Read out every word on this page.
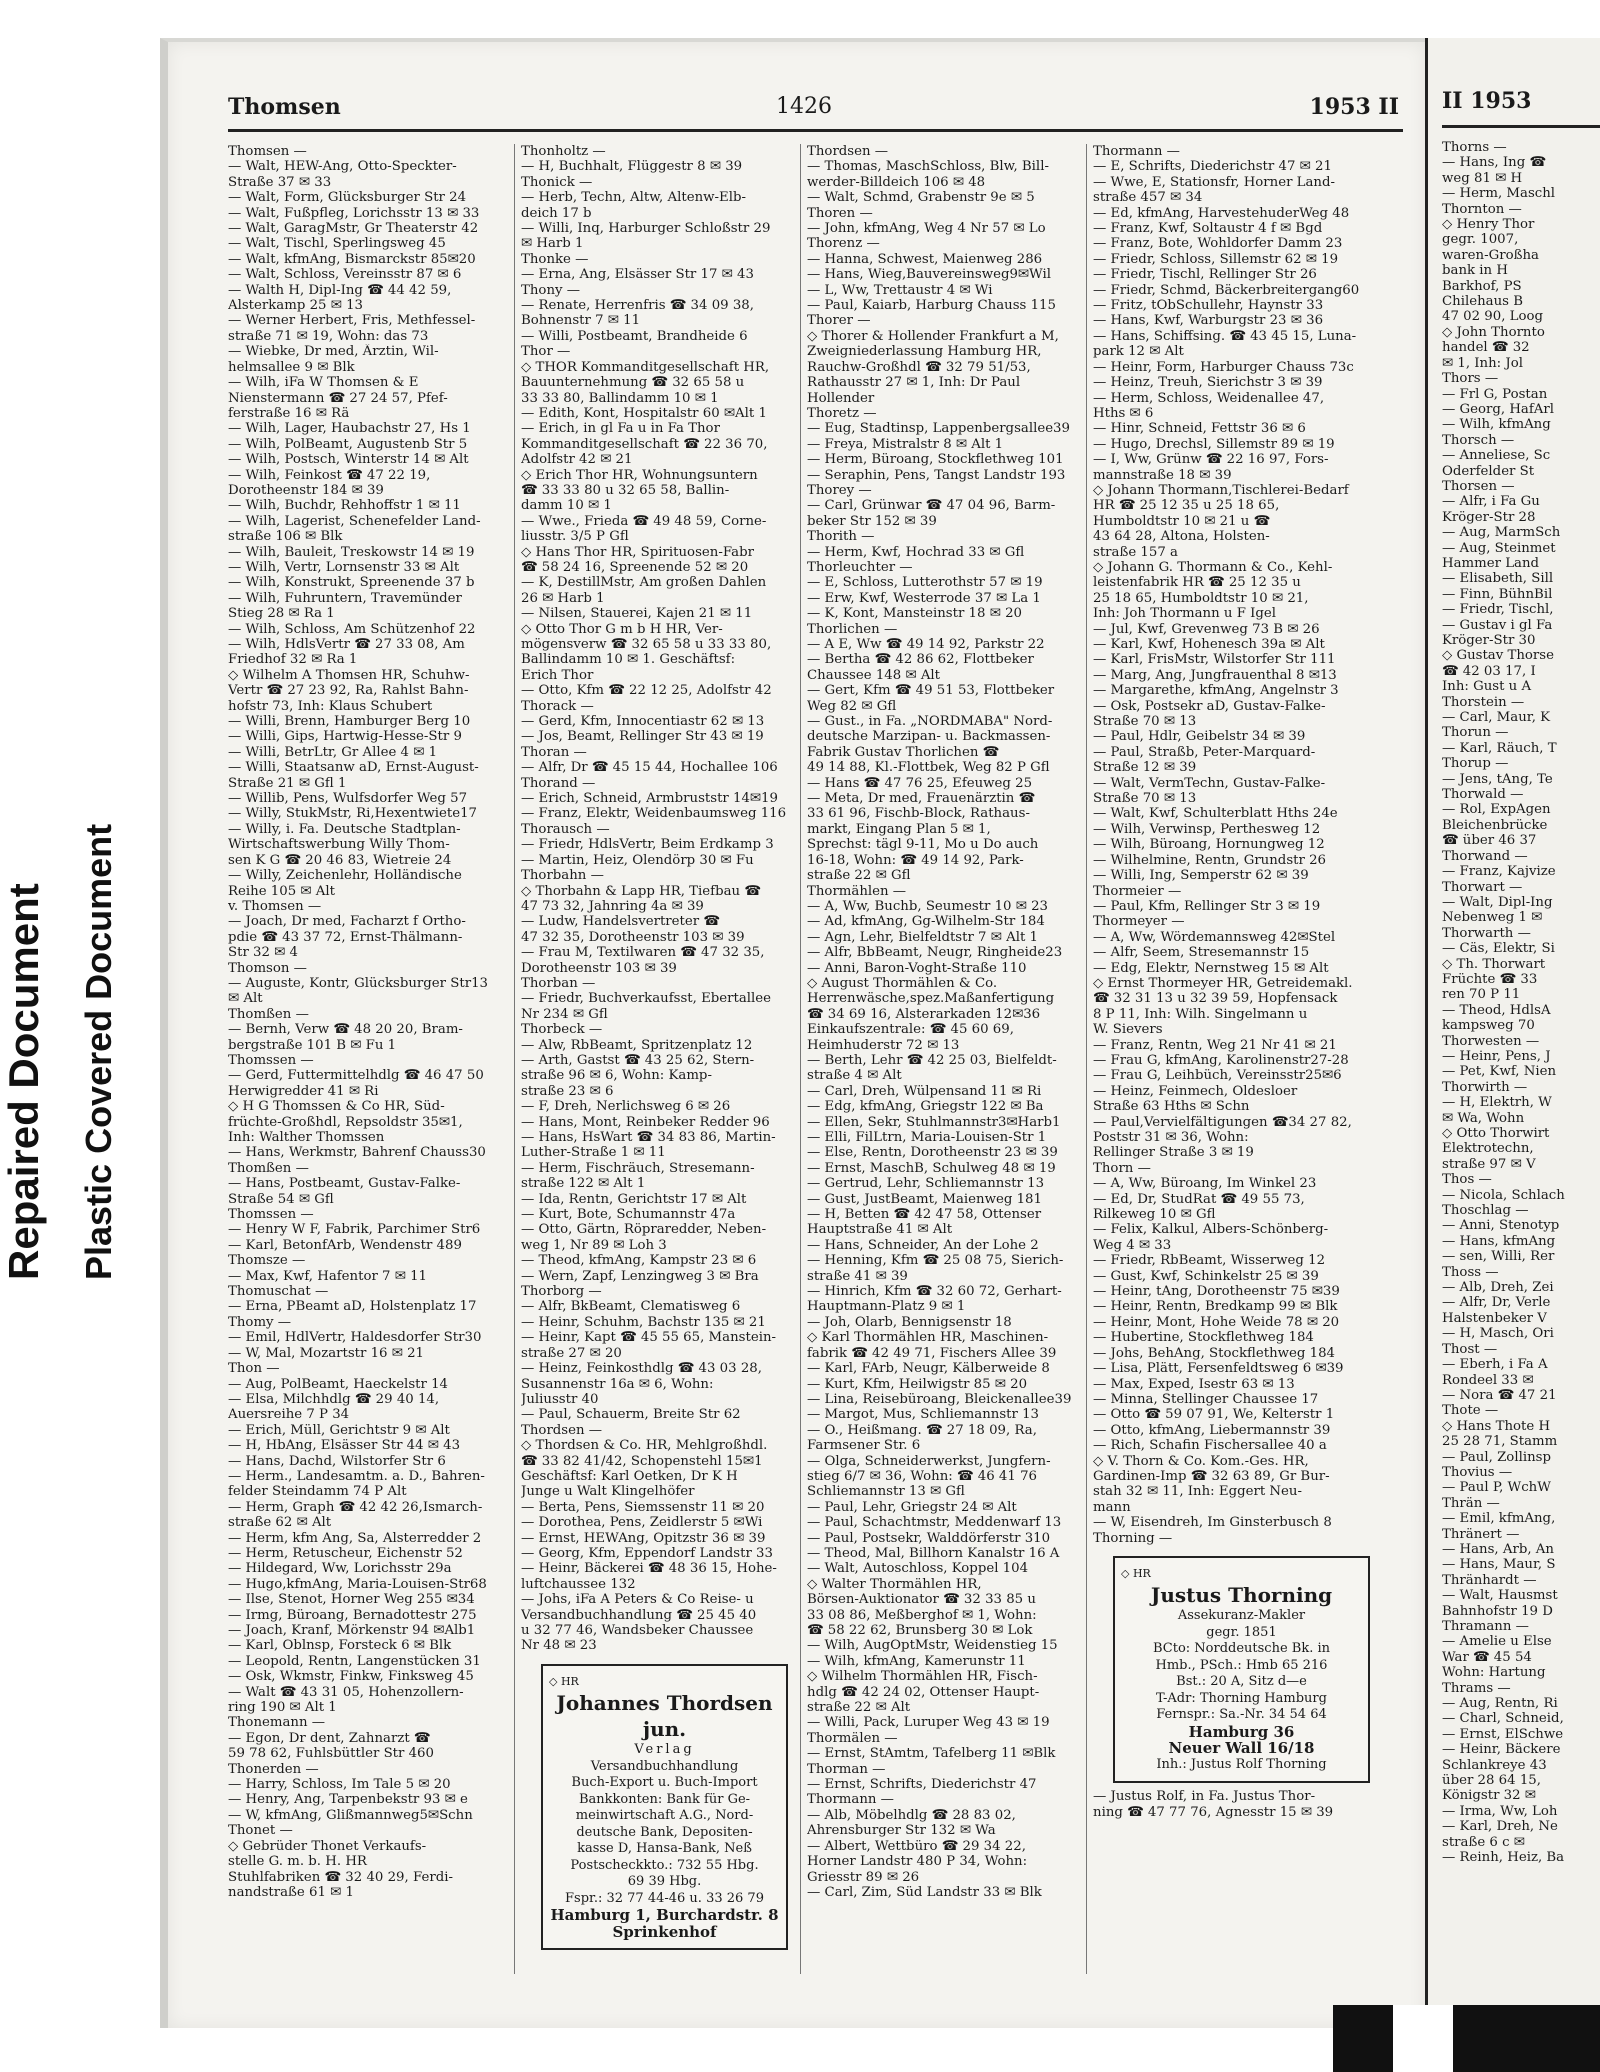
Repaired Document Plastic Covered Document
Thomsen	1426	1953 II
Thomsen —
— Walt, HEW-Ang, Otto-Speckter-
Straße 37 ✉ 33
— Walt, Form, Glücksburger Str 24
— Walt, Fußpfleg, Lorichsstr 13 ✉ 33
— Walt, GaragMstr, Gr Theaterstr 42
— Walt, Tischl, Sperlingsweg 45
— Walt, kfmAng, Bismarckstr 85✉20
— Walt, Schloss, Vereinsstr 87 ✉ 6
— Walth H, Dipl-Ing ☎ 44 42 59,
Alsterkamp 25 ✉ 13
— Werner Herbert, Fris, Methfessel-
straße 71 ✉ 19, Wohn: das 73
— Wiebke, Dr med, Ärztin, Wil-
helmsallee 9 ✉ Blk
— Wilh, iFa W Thomsen & E
Nienstermann ☎ 27 24 57, Pfef-
ferstraße 16 ✉ Rä
— Wilh, Lager, Haubachstr 27, Hs 1
— Wilh, PolBeamt, Augustenb Str 5
— Wilh, Postsch, Winterstr 14 ✉ Alt
— Wilh, Feinkost ☎ 47 22 19,
Dorotheenstr 184 ✉ 39
— Wilh, Buchdr, Rehhoffstr 1 ✉ 11
— Wilh, Lagerist, Schenefelder Land-
straße 106 ✉ Blk
— Wilh, Bauleit, Treskowstr 14 ✉ 19
— Wilh, Vertr, Lornsenstr 33 ✉ Alt
— Wilh, Konstrukt, Spreenende 37 b
— Wilh, Fuhruntern, Travemünder
Stieg 28 ✉ Ra 1
— Wilh, Schloss, Am Schützenhof 22
— Wilh, HdlsVertr ☎ 27 33 08, Am
Friedhof 32 ✉ Ra 1
◇ Wilhelm A Thomsen HR, Schuhw-
Vertr ☎ 27 23 92, Ra, Rahlst Bahn-
hofstr 73, Inh: Klaus Schubert
— Willi, Brenn, Hamburger Berg 10
— Willi, Gips, Hartwig-Hesse-Str 9
— Willi, BetrLtr, Gr Allee 4 ✉ 1
— Willi, Staatsanw aD, Ernst-August-
Straße 21 ✉ Gfl 1
— Willib, Pens, Wulfsdorfer Weg 57
— Willy, StukMstr, Ri,Hexentwiete17
— Willy, i. Fa. Deutsche Stadtplan-
Wirtschaftswerbung Willy Thom-
sen K G ☎ 20 46 83, Wietreie 24
— Willy, Zeichenlehr, Holländische
Reihe 105 ✉ Alt
v. Thomsen —
— Joach, Dr med, Facharzt f Ortho-
pdie ☎ 43 37 72, Ernst-Thälmann-
Str 32 ✉ 4
Thomson —
— Auguste, Kontr, Glücksburger Str13
✉ Alt
Thomßen —
— Bernh, Verw ☎ 48 20 20, Bram-
bergstraße 101 B ✉ Fu 1
Thomssen —
— Gerd, Futtermittelhdlg ☎ 46 47 50
Herwigredder 41 ✉ Ri
◇ H G Thomssen & Co HR, Süd-
früchte-Großhdl, Repsoldstr 35✉1,
Inh: Walther Thomssen
— Hans, Werkmstr, Bahrenf Chauss30
Thomßen —
— Hans, Postbeamt, Gustav-Falke-
Straße 54 ✉ Gfl
Thomssen —
— Henry W F, Fabrik, Parchimer Str6
— Karl, BetonfArb, Wendenstr 489
Thomsze —
— Max, Kwf, Hafentor 7 ✉ 11
Thomuschat —
— Erna, PBeamt aD, Holstenplatz 17
Thomy —
— Emil, HdlVertr, Haldesdorfer Str30
— W, Mal, Mozartstr 16 ✉ 21
Thon —
— Aug, PolBeamt, Haeckelstr 14
— Elsa, Milchhdlg ☎ 29 40 14,
Auersreihe 7 P 34
— Erich, Müll, Gerichtstr 9 ✉ Alt
— H, HbAng, Elsässer Str 44 ✉ 43
— Hans, Dachd, Wilstorfer Str 6
— Herm., Landesamtm. a. D., Bahren-
felder Steindamm 74 P Alt
— Herm, Graph ☎ 42 42 26,Ismarch-
straße 62 ✉ Alt
— Herm, kfm Ang, Sa, Alsterredder 2
— Herm, Retuscheur, Eichenstr 52
— Hildegard, Ww, Lorichsstr 29a
— Hugo,kfmAng, Maria-Louisen-Str68
— Ilse, Stenot, Horner Weg 255 ✉34
— Irmg, Büroang, Bernadottestr 275
— Joach, Kranf, Mörkenstr 94 ✉Alb1
— Karl, Oblnsp, Forsteck 6 ✉ Blk
— Leopold, Rentn, Langenstücken 31
— Osk, Wkmstr, Finkw, Finksweg 45
— Walt ☎ 43 31 05, Hohenzollern-
ring 190 ✉ Alt 1
Thonemann —
— Egon, Dr dent, Zahnarzt ☎
59 78 62, Fuhlsbüttler Str 460
Thonerden —
— Harry, Schloss, Im Tale 5 ✉ 20
— Henry, Ang, Tarpenbekstr 93 ✉ e
— W, kfmAng, Glißmannweg5✉Schn
Thonet —
◇ Gebrüder Thonet Verkaufs-
stelle G. m. b. H. HR
Stuhlfabriken ☎ 32 40 29, Ferdi-
nandstraße 61 ✉ 1
Thonholtz —
— H, Buchhalt, Flüggestr 8 ✉ 39
Thonick —
— Herb, Techn, Altw, Altenw-Elb-
deich 17 b
— Willi, Inq, Harburger Schloßstr 29
✉ Harb 1
Thonke —
— Erna, Ang, Elsässer Str 17 ✉ 43
Thony —
— Renate, Herrenfris ☎ 34 09 38,
Bohnenstr 7 ✉ 11
— Willi, Postbeamt, Brandheide 6
Thor —
◇ THOR Kommanditgesellschaft HR,
Bauunternehmung ☎ 32 65 58 u
33 33 80, Ballindamm 10 ✉ 1
— Edith, Kont, Hospitalstr 60 ✉Alt 1
— Erich, in gl Fa u in Fa Thor
Kommanditgesellschaft ☎ 22 36 70,
Adolfstr 42 ✉ 21
◇ Erich Thor HR, Wohnungsuntern
☎ 33 33 80 u 32 65 58, Ballin-
damm 10 ✉ 1
— Wwe., Frieda ☎ 49 48 59, Corne-
liusstr. 3/5 P Gfl
◇ Hans Thor HR, Spirituosen-Fabr
☎ 58 24 16, Spreenende 52 ✉ 20
— K, DestillMstr, Am großen Dahlen
26 ✉ Harb 1
— Nilsen, Stauerei, Kajen 21 ✉ 11
◇ Otto Thor G m b H HR, Ver-
mögensverw ☎ 32 65 58 u 33 33 80,
Ballindamm 10 ✉ 1. Geschäftsf:
Erich Thor
— Otto, Kfm ☎ 22 12 25, Adolfstr 42
Thorack —
— Gerd, Kfm, Innocentiastr 62 ✉ 13
— Jos, Beamt, Rellinger Str 43 ✉ 19
Thoran —
— Alfr, Dr ☎ 45 15 44, Hochallee 106
Thorand —
— Erich, Schneid, Armbruststr 14✉19
— Franz, Elektr, Weidenbaumsweg 116
Thorausch —
— Friedr, HdlsVertr, Beim Erdkamp 3
— Martin, Heiz, Olendörp 30 ✉ Fu
Thorbahn —
◇ Thorbahn & Lapp HR, Tiefbau ☎
47 73 32, Jahnring 4a ✉ 39
— Ludw, Handelsvertreter ☎
47 32 35, Dorotheenstr 103 ✉ 39
— Frau M, Textilwaren ☎ 47 32 35,
Dorotheenstr 103 ✉ 39
Thorban —
— Friedr, Buchverkaufsst, Ebertallee
Nr 234 ✉ Gfl
Thorbeck —
— Alw, RbBeamt, Spritzenplatz 12
— Arth, Gastst ☎ 43 25 62, Stern-
straße 96 ✉ 6, Wohn: Kamp-
straße 23 ✉ 6
— F, Dreh, Nerlichsweg 6 ✉ 26
— Hans, Mont, Reinbeker Redder 96
— Hans, HsWart ☎ 34 83 86, Martin-
Luther-Straße 1 ✉ 11
— Herm, Fischräuch, Stresemann-
straße 122 ✉ Alt 1
— Ida, Rentn, Gerichtstr 17 ✉ Alt
— Kurt, Bote, Schumannstr 47a
— Otto, Gärtn, Röpraredder, Neben-
weg 1, Nr 89 ✉ Loh 3
— Theod, kfmAng, Kampstr 23 ✉ 6
— Wern, Zapf, Lenzingweg 3 ✉ Bra
Thorborg —
— Alfr, BkBeamt, Clematisweg 6
— Heinr, Schuhm, Bachstr 135 ✉ 21
— Heinr, Kapt ☎ 45 55 65, Manstein-
straße 27 ✉ 20
— Heinz, Feinkosthdlg ☎ 43 03 28,
Susannenstr 16a ✉ 6, Wohn:
Juliusstr 40
— Paul, Schauerm, Breite Str 62
Thordsen —
◇ Thordsen & Co. HR, Mehlgroßhdl.
☎ 33 82 41/42, Schopenstehl 15✉1
Geschäftsf: Karl Oetken, Dr K H
Junge u Walt Klingelhöfer
— Berta, Pens, Siemssenstr 11 ✉ 20
— Dorothea, Pens, Zeidlerstr 5 ✉Wi
— Ernst, HEWAng, Opitzstr 36 ✉ 39
— Georg, Kfm, Eppendorf Landstr 33
— Heinr, Bäckerei ☎ 48 36 15, Hohe-
luftchaussee 132
— Johs, iFa A Peters & Co Reise- u
Versandbuchhandlung ☎ 25 45 40
u 32 77 46, Wandsbeker Chaussee
Nr 48 ✉ 23
◇ HR
Johannes Thordsen jun.
Verlag
Versandbuchhandlung
Buch-Export u. Buch-Import
Bankkonten: Bank für Ge-
meinwirtschaft A.G., Nord-
deutsche Bank, Depositen-
kasse D, Hansa-Bank, Neß
Postscheckkto.: 732 55 Hbg.
69 39 Hbg.
Fspr.: 32 77 44-46 u. 33 26 79
Hamburg 1, Burchardstr. 8
Sprinkenhof
Thordsen —
— Thomas, MaschSchloss, Blw, Bill-
werder-Billdeich 106 ✉ 48
— Walt, Schmd, Grabenstr 9e ✉ 5
Thoren —
— John, kfmAng, Weg 4 Nr 57 ✉ Lo
Thorenz —
— Hanna, Schwest, Maienweg 286
— Hans, Wieg,Bauvereinsweg9✉Wil
— L, Ww, Trettaustr 4 ✉ Wi
— Paul, Kaiarb, Harburg Chauss 115
Thorer —
◇ Thorer & Hollender Frankfurt a M,
Zweigniederlassung Hamburg HR,
Rauchw-Großhdl ☎ 32 79 51/53,
Rathausstr 27 ✉ 1, Inh: Dr Paul
Hollender
Thoretz —
— Eug, Stadtinsp, Lappenbergsallee39
— Freya, Mistralstr 8 ✉ Alt 1
— Herm, Büroang, Stockflethweg 101
— Seraphin, Pens, Tangst Landstr 193
Thorey —
— Carl, Grünwar ☎ 47 04 96, Barm-
beker Str 152 ✉ 39
Thorith —
— Herm, Kwf, Hochrad 33 ✉ Gfl
Thorleuchter —
— E, Schloss, Lutterothstr 57 ✉ 19
— Erw, Kwf, Westerrode 37 ✉ La 1
— K, Kont, Mansteinstr 18 ✉ 20
Thorlichen —
— A E, Ww ☎ 49 14 92, Parkstr 22
— Bertha ☎ 42 86 62, Flottbeker
Chaussee 148 ✉ Alt
— Gert, Kfm ☎ 49 51 53, Flottbeker
Weg 82 ✉ Gfl
— Gust., in Fa. „NORDMABA" Nord-
deutsche Marzipan- u. Backmassen-
Fabrik Gustav Thorlichen ☎
49 14 88, Kl.-Flottbek, Weg 82 P Gfl
— Hans ☎ 47 76 25, Efeuweg 25
— Meta, Dr med, Frauenärztin ☎
33 61 96, Fischb-Block, Rathaus-
markt, Eingang Plan 5 ✉ 1,
Sprechst: tägl 9-11, Mo u Do auch
16-18, Wohn: ☎ 49 14 92, Park-
straße 22 ✉ Gfl
Thormählen —
— A, Ww, Buchb, Seumestr 10 ✉ 23
— Ad, kfmAng, Gg-Wilhelm-Str 184
— Agn, Lehr, Bielfeldtstr 7 ✉ Alt 1
— Alfr, BbBeamt, Neugr, Ringheide23
— Anni, Baron-Voght-Straße 110
◇ August Thormählen & Co.
Herrenwäsche,spez.Maßanfertigung
☎ 34 69 16, Alsterarkaden 12✉36
Einkaufszentrale: ☎ 45 60 69,
Heimhuderstr 72 ✉ 13
— Berth, Lehr ☎ 42 25 03, Bielfeldt-
straße 4 ✉ Alt
— Carl, Dreh, Wülpensand 11 ✉ Ri
— Edg, kfmAng, Griegstr 122 ✉ Ba
— Ellen, Sekr, Stuhlmannstr3✉Harb1
— Elli, FilLtrn, Maria-Louisen-Str 1
— Else, Rentn, Dorotheenstr 23 ✉ 39
— Ernst, MaschB, Schulweg 48 ✉ 19
— Gertrud, Lehr, Schliemannstr 13
— Gust, JustBeamt, Maienweg 181
— H, Betten ☎ 42 47 58, Ottenser
Hauptstraße 41 ✉ Alt
— Hans, Schneider, An der Lohe 2
— Henning, Kfm ☎ 25 08 75, Sierich-
straße 41 ✉ 39
— Hinrich, Kfm ☎ 32 60 72, Gerhart-
Hauptmann-Platz 9 ✉ 1
— Joh, Olarb, Bennigsenstr 18
◇ Karl Thormählen HR, Maschinen-
fabrik ☎ 42 49 71, Fischers Allee 39
— Karl, FArb, Neugr, Kälberweide 8
— Kurt, Kfm, Heilwigstr 85 ✉ 20
— Lina, Reisebüroang, Bleickenallee39
— Margot, Mus, Schliemannstr 13
— O., Heißmang. ☎ 27 18 09, Ra,
Farmsener Str. 6
— Olga, Schneiderwerkst, Jungfern-
stieg 6/7 ✉ 36, Wohn: ☎ 46 41 76
Schliemannstr 13 ✉ Gfl
— Paul, Lehr, Griegstr 24 ✉ Alt
— Paul, Schachtmstr, Meddenwarf 13
— Paul, Postsekr, Walddörferstr 310
— Theod, Mal, Billhorn Kanalstr 16 A
— Walt, Autoschloss, Koppel 104
◇ Walter Thormählen HR,
Börsen-Auktionator ☎ 32 33 85 u
33 08 86, Meßberghof ✉ 1, Wohn:
☎ 58 22 62, Brunsberg 30 ✉ Lok
— Wilh, AugOptMstr, Weidenstieg 15
— Wilh, kfmAng, Kamerunstr 11
◇ Wilhelm Thormählen HR, Fisch-
hdlg ☎ 42 24 02, Ottenser Haupt-
straße 22 ✉ Alt
— Willi, Pack, Luruper Weg 43 ✉ 19
Thormälen —
— Ernst, StAmtm, Tafelberg 11 ✉Blk
Thorman —
— Ernst, Schrifts, Diederichstr 47
Thormann —
— Alb, Möbelhdlg ☎ 28 83 02,
Ahrensburger Str 132 ✉ Wa
— Albert, Wettbüro ☎ 29 34 22,
Horner Landstr 480 P 34, Wohn:
Griesstr 89 ✉ 26
— Carl, Zim, Süd Landstr 33 ✉ Blk
Thormann —
— E, Schrifts, Diederichstr 47 ✉ 21
— Wwe, E, Stationsfr, Horner Land-
straße 457 ✉ 34
— Ed, kfmAng, HarvestehuderWeg 48
— Franz, Kwf, Soltaustr 4 f ✉ Bgd
— Franz, Bote, Wohldorfer Damm 23
— Friedr, Schloss, Sillemstr 62 ✉ 19
— Friedr, Tischl, Rellinger Str 26
— Friedr, Schmd, Bäckerbreitergang60
— Fritz, tObSchullehr, Haynstr 33
— Hans, Kwf, Warburgstr 23 ✉ 36
— Hans, Schiffsing. ☎ 43 45 15, Luna-
park 12 ✉ Alt
— Heinr, Form, Harburger Chauss 73c
— Heinz, Treuh, Sierichstr 3 ✉ 39
— Herm, Schloss, Weidenallee 47,
Hths ✉ 6
— Hinr, Schneid, Fettstr 36 ✉ 6
— Hugo, Drechsl, Sillemstr 89 ✉ 19
— I, Ww, Grünw ☎ 22 16 97, Fors-
mannstraße 18 ✉ 39
◇ Johann Thormann,Tischlerei-Bedarf
HR ☎ 25 12 35 u 25 18 65,
Humboldtstr 10 ✉ 21 u ☎
43 64 28, Altona, Holsten-
straße 157 a
◇ Johann G. Thormann & Co., Kehl-
leistenfabrik HR ☎ 25 12 35 u
25 18 65, Humboldtstr 10 ✉ 21,
Inh: Joh Thormann u F Igel
— Jul, Kwf, Grevenweg 73 B ✉ 26
— Karl, Kwf, Hohenesch 39a ✉ Alt
— Karl, FrisMstr, Wilstorfer Str 111
— Marg, Ang, Jungfrauenthal 8 ✉13
— Margarethe, kfmAng, Angelnstr 3
— Osk, Postsekr aD, Gustav-Falke-
Straße 70 ✉ 13
— Paul, Hdlr, Geibelstr 34 ✉ 39
— Paul, Straßb, Peter-Marquard-
Straße 12 ✉ 39
— Walt, VermTechn, Gustav-Falke-
Straße 70 ✉ 13
— Walt, Kwf, Schulterblatt Hths 24e
— Wilh, Verwinsp, Perthesweg 12
— Wilh, Büroang, Hornungweg 12
— Wilhelmine, Rentn, Grundstr 26
— Willi, Ing, Semperstr 62 ✉ 39
Thormeier —
— Paul, Kfm, Rellinger Str 3 ✉ 19
Thormeyer —
— A, Ww, Wördemannsweg 42✉Stel
— Alfr, Seem, Stresemannstr 15
— Edg, Elektr, Nernstweg 15 ✉ Alt
◇ Ernst Thormeyer HR, Getreidemakl.
☎ 32 31 13 u 32 39 59, Hopfensack
8 P 11, Inh: Wilh. Singelmann u
W. Sievers
— Franz, Rentn, Weg 21 Nr 41 ✉ 21
— Frau G, kfmAng, Karolinenstr27-28
— Frau G, Leihbüch, Vereinsstr25✉6
— Heinz, Feinmech, Oldesloer
Straße 63 Hths ✉ Schn
— Paul,Vervielfältigungen ☎34 27 82,
Poststr 31 ✉ 36, Wohn:
Rellinger Straße 3 ✉ 19
Thorn —
— A, Ww, Büroang, Im Winkel 23
— Ed, Dr, StudRat ☎ 49 55 73,
Rilkeweg 10 ✉ Gfl
— Felix, Kalkul, Albers-Schönberg-
Weg 4 ✉ 33
— Friedr, RbBeamt, Wisserweg 12
— Gust, Kwf, Schinkelstr 25 ✉ 39
— Heinr, tAng, Dorotheenstr 75 ✉39
— Heinr, Rentn, Bredkamp 99 ✉ Blk
— Heinr, Mont, Hohe Weide 78 ✉ 20
— Hubertine, Stockflethweg 184
— Johs, BehAng, Stockflethweg 184
— Lisa, Plätt, Fersenfeldtsweg 6 ✉39
— Max, Exped, Isestr 63 ✉ 13
— Minna, Stellinger Chaussee 17
— Otto ☎ 59 07 91, We, Kelterstr 1
— Otto, kfmAng, Liebermannstr 39
— Rich, Schafin Fischersallee 40 a
◇ V. Thorn & Co. Kom.-Ges. HR,
Gardinen-Imp ☎ 32 63 89, Gr Bur-
stah 32 ✉ 11, Inh: Eggert Neu-
mann
— W, Eisendreh, Im Ginsterbusch 8
Thorning —
◇ HR
Justus Thorning
Assekuranz-Makler
gegr. 1851
BCto: Norddeutsche Bk. in
Hmb., PSch.: Hmb 65 216
Bst.: 20 A, Sitz d—e
T-Adr: Thorning Hamburg
Fernspr.: Sa.-Nr. 34 54 64
Hamburg 36
Neuer Wall 16/18
Inh.: Justus Rolf Thorning
— Justus Rolf, in Fa. Justus Thor-
ning ☎ 47 77 76, Agnesstr 15 ✉ 39
II 1953
Thorns —
— Hans, Ing ☎
weg 81 ✉ H
— Herm, Maschl
Thornton —
◇ Henry Thor
gegr. 1007,
waren-Großha
bank in H
Barkhof, PS
Chilehaus B
47 02 90, Loog
◇ John Thornto
handel ☎ 32
✉ 1, Inh: Jol
Thors —
— Frl G, Postan
— Georg, HafArl
— Wilh, kfmAng
Thorsch —
— Anneliese, Sc
Oderfelder St
Thorsen —
— Alfr, i Fa Gu
Kröger-Str 28
— Aug, MarmSch
— Aug, Steinmet
Hammer Land
— Elisabeth, Sill
— Finn, BühnBil
— Friedr, Tischl,
— Gustav i gl Fa
Kröger-Str 30
◇ Gustav Thorse
☎ 42 03 17, I
Inh: Gust u A
Thorstein —
— Carl, Maur, K
Thorun —
— Karl, Räuch, T
Thorup —
— Jens, tAng, Te
Thorwald —
— Rol, ExpAgen
Bleichenbrücke
☎ über 46 37
Thorwand —
— Franz, Kajvize
Thorwart —
— Walt, Dipl-Ing
Nebenweg 1 ✉
Thorwarth —
— Cäs, Elektr, Si
◇ Th. Thorwart
Früchte ☎ 33
ren 70 P 11
— Theod, HdlsA
kampsweg 70
Thorwesten —
— Heinr, Pens, J
— Pet, Kwf, Nien
Thorwirth —
— H, Elektrh, W
✉ Wa, Wohn
◇ Otto Thorwirt
Elektrotechn,
straße 97 ✉ V
Thos —
— Nicola, Schlach
Thoschlag —
— Anni, Stenotyp
— Hans, kfmAng
— sen, Willi, Rer
Thoss —
— Alb, Dreh, Zei
— Alfr, Dr, Verle
Halstenbeker V
— H, Masch, Ori
Thost —
— Eberh, i Fa A
Rondeel 33 ✉
— Nora ☎ 47 21
Thote —
◇ Hans Thote H
25 28 71, Stamm
— Paul, Zollinsp
Thovius —
— Paul P, WchW
Thrän —
— Emil, kfmAng,
Thränert —
— Hans, Arb, An
— Hans, Maur, S
Thränhardt —
— Walt, Hausmst
Bahnhofstr 19 D
Thramann —
— Amelie u Else
War ☎ 45 54
Wohn: Hartung
Thrams —
— Aug, Rentn, Ri
— Charl, Schneid,
— Ernst, ElSchwe
— Heinr, Bäckere
Schlankreye 43
über 28 64 15,
Königstr 32 ✉
— Irma, Ww, Loh
— Karl, Dreh, Ne
straße 6 c ✉
— Reinh, Heiz, Ba
